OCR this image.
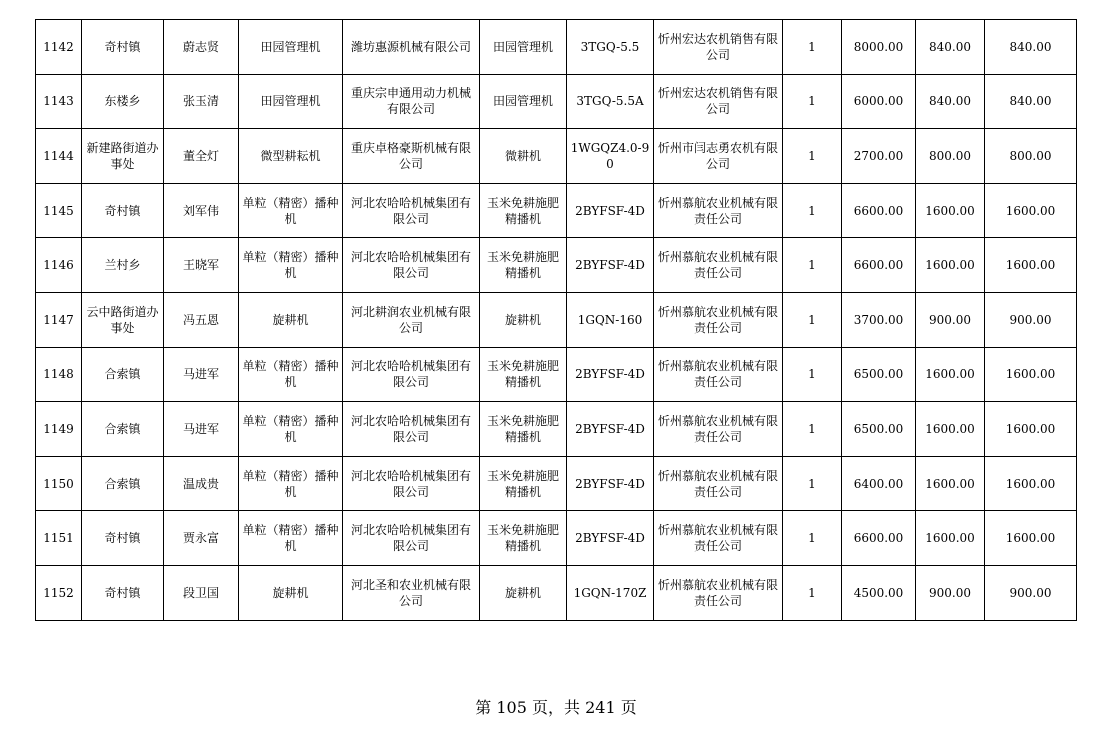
1142	奇村镇	蔚志贤	田园管理机	潍坊惠源机械有限公司	田园管理机	3TGQ-5.5	忻州宏达农机销售有限公司	1	8000.00	840.00	840.00
1143	东楼乡	张玉清	田园管理机	重庆宗申通用动力机械有限公司	田园管理机	3TGQ-5.5A	忻州宏达农机销售有限公司	1	6000.00	840.00	840.00
1144	新建路街道办事处	董全灯	微型耕耘机	重庆卓格豪斯机械有限公司	微耕机	1WGQZ4.0-90	忻州市闫志勇农机有限公司	1	2700.00	800.00	800.00
1145	奇村镇	刘军伟	单粒（精密）播种机	河北农哈哈机械集团有限公司	玉米免耕施肥精播机	2BYFSF-4D	忻州慕航农业机械有限责任公司	1	6600.00	1600.00	1600.00
1146	兰村乡	王晓军	单粒（精密）播种机	河北农哈哈机械集团有限公司	玉米免耕施肥精播机	2BYFSF-4D	忻州慕航农业机械有限责任公司	1	6600.00	1600.00	1600.00
1147	云中路街道办事处	冯五恩	旋耕机	河北耕润农业机械有限公司	旋耕机	1GQN-160	忻州慕航农业机械有限责任公司	1	3700.00	900.00	900.00
1148	合索镇	马进军	单粒（精密）播种机	河北农哈哈机械集团有限公司	玉米免耕施肥精播机	2BYFSF-4D	忻州慕航农业机械有限责任公司	1	6500.00	1600.00	1600.00
1149	合索镇	马进军	单粒（精密）播种机	河北农哈哈机械集团有限公司	玉米免耕施肥精播机	2BYFSF-4D	忻州慕航农业机械有限责任公司	1	6500.00	1600.00	1600.00
1150	合索镇	温成贵	单粒（精密）播种机	河北农哈哈机械集团有限公司	玉米免耕施肥精播机	2BYFSF-4D	忻州慕航农业机械有限责任公司	1	6400.00	1600.00	1600.00
1151	奇村镇	贾永富	单粒（精密）播种机	河北农哈哈机械集团有限公司	玉米免耕施肥精播机	2BYFSF-4D	忻州慕航农业机械有限责任公司	1	6600.00	1600.00	1600.00
1152	奇村镇	段卫国	旋耕机	河北圣和农业机械有限公司	旋耕机	1GQN-170Z	忻州慕航农业机械有限责任公司	1	4500.00	900.00	900.00
第 105 页，共 241 页
